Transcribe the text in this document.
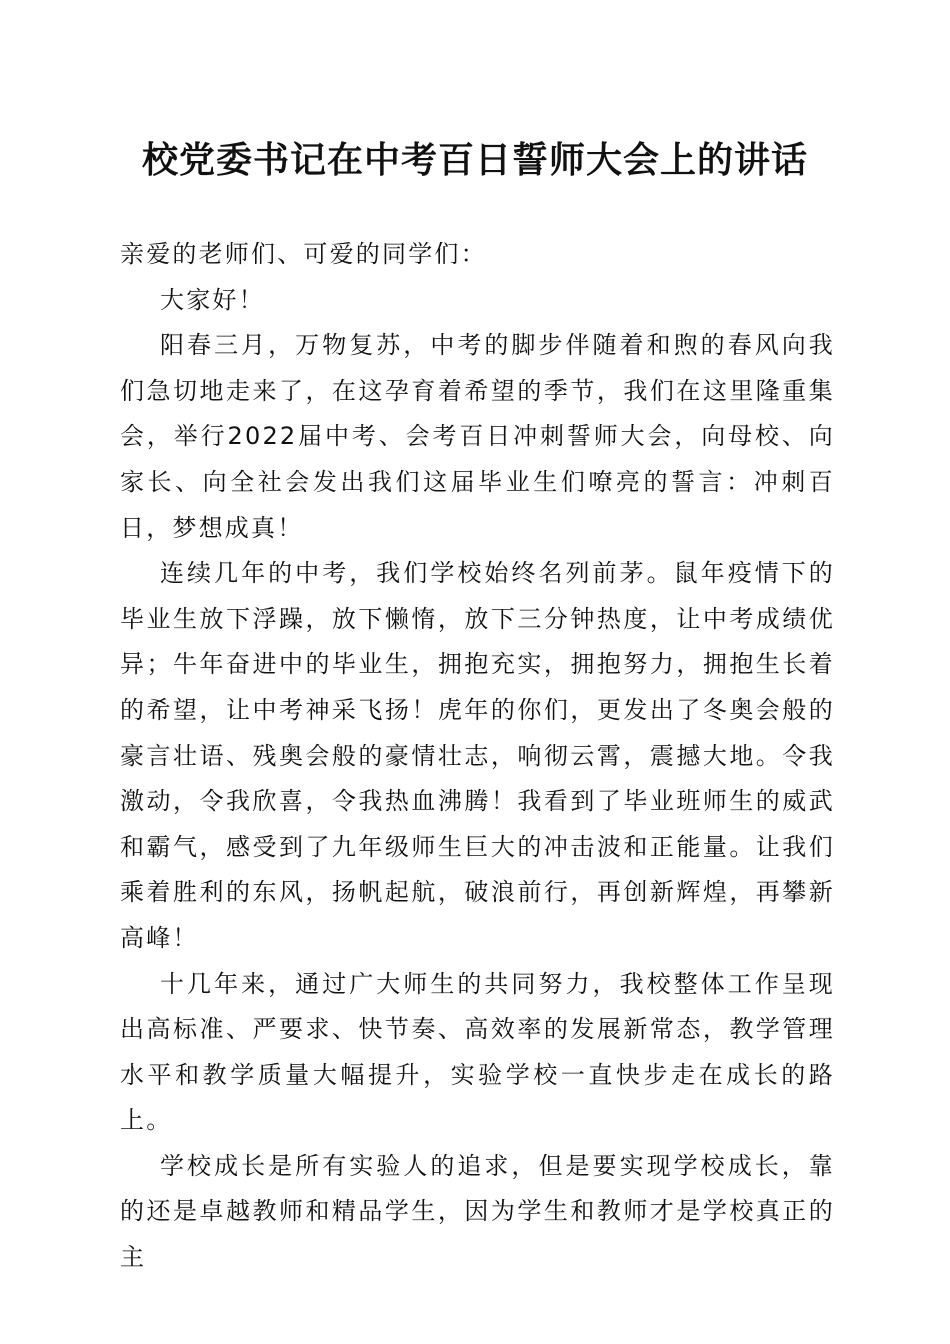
校党委书记在中考百日誓师大会上的讲话

亲爱的老师们、可爱的同学们：

大家好！

阳春三月，万物复苏，中考的脚步伴随着和煦的春风向我们急切地走来了，在这孕育着希望的季节，我们在这里隆重集会，举行2022届中考、会考百日冲刺誓师大会，向母校、向家长、向全社会发出我们这届毕业生们嘹亮的誓言：冲刺百日，梦想成真！

连续几年的中考，我们学校始终名列前茅。鼠年疫情下的毕业生放下浮躁，放下懒惰，放下三分钟热度，让中考成绩优异；牛年奋进中的毕业生，拥抱充实，拥抱努力，拥抱生长着的希望，让中考神采飞扬！虎年的你们，更发出了冬奥会般的豪言壮语、残奥会般的豪情壮志，响彻云霄，震撼大地。令我激动，令我欣喜，令我热血沸腾！我看到了毕业班师生的威武和霸气，感受到了九年级师生巨大的冲击波和正能量。让我们乘着胜利的东风，扬帆起航，破浪前行，再创新辉煌，再攀新高峰！

十几年来，通过广大师生的共同努力，我校整体工作呈现出高标准、严要求、快节奏、高效率的发展新常态，教学管理水平和教学质量大幅提升，实验学校一直快步走在成长的路上。

学校成长是所有实验人的追求，但是要实现学校成长，靠的还是卓越教师和精品学生，因为学生和教师才是学校真正的主
